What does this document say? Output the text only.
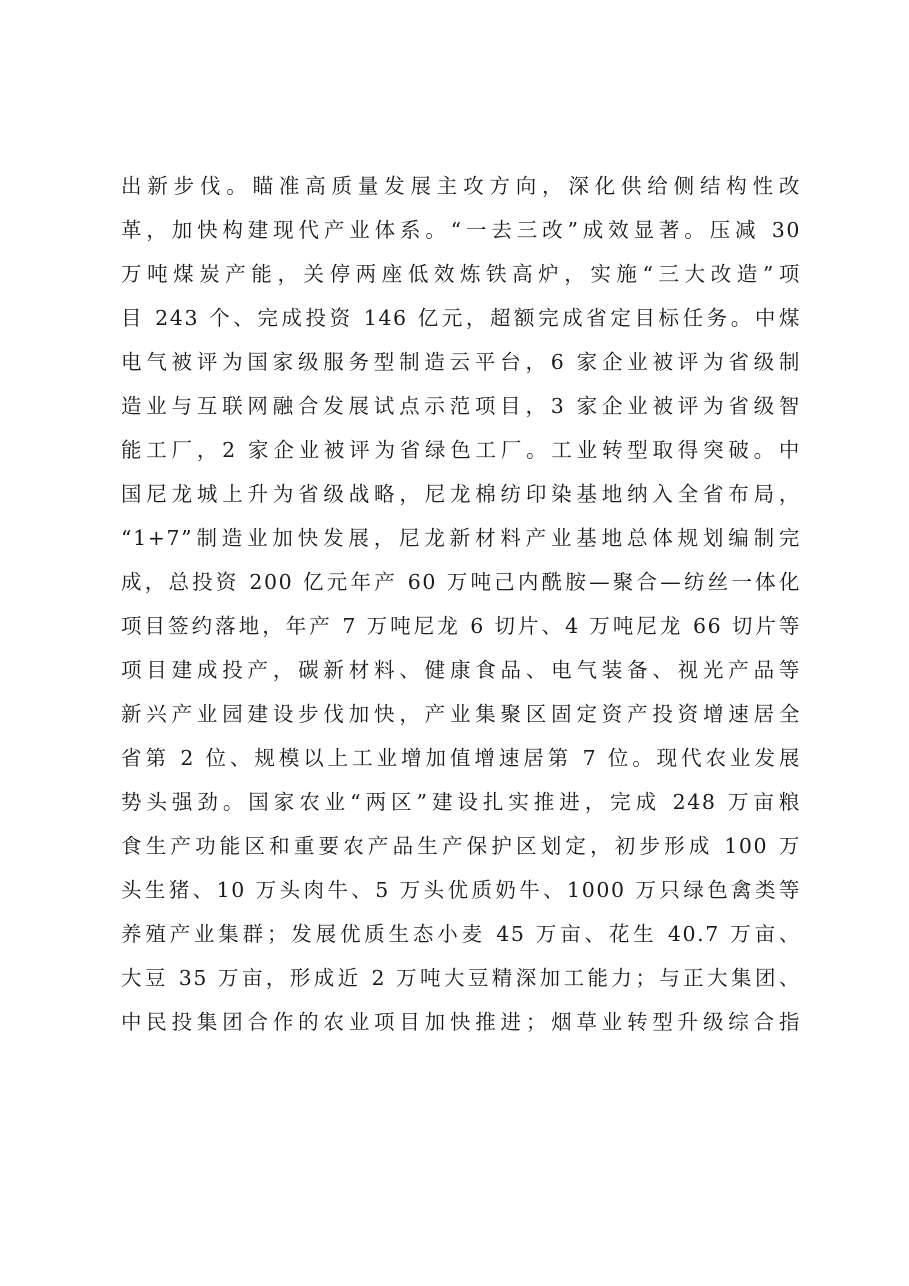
出新步伐。瞄准高质量发展主攻方向，深化供给侧结构性改
革，加快构建现代产业体系。“一去三改”成效显著。压减 30
万吨煤炭产能，关停两座低效炼铁高炉，实施“三大改造”项
目 243 个、完成投资 146 亿元，超额完成省定目标任务。中煤
电气被评为国家级服务型制造云平台，6 家企业被评为省级制
造业与互联网融合发展试点示范项目，3 家企业被评为省级智
能工厂，2 家企业被评为省绿色工厂。工业转型取得突破。中
国尼龙城上升为省级战略，尼龙棉纺印染基地纳入全省布局，
“1+7”制造业加快发展，尼龙新材料产业基地总体规划编制完
成，总投资 200 亿元年产 60 万吨己内酰胺—聚合—纺丝一体化
项目签约落地，年产 7 万吨尼龙 6 切片、4 万吨尼龙 66 切片等
项目建成投产，碳新材料、健康食品、电气装备、视光产品等
新兴产业园建设步伐加快，产业集聚区固定资产投资增速居全
省第 2 位、规模以上工业增加值增速居第 7 位。现代农业发展
势头强劲。国家农业“两区”建设扎实推进，完成 248 万亩粮
食生产功能区和重要农产品生产保护区划定，初步形成 100 万
头生猪、10 万头肉牛、5 万头优质奶牛、1000 万只绿色禽类等
养殖产业集群；发展优质生态小麦 45 万亩、花生 40.7 万亩、
大豆 35 万亩，形成近 2 万吨大豆精深加工能力；与正大集团、
中民投集团合作的农业项目加快推进；烟草业转型升级综合指
